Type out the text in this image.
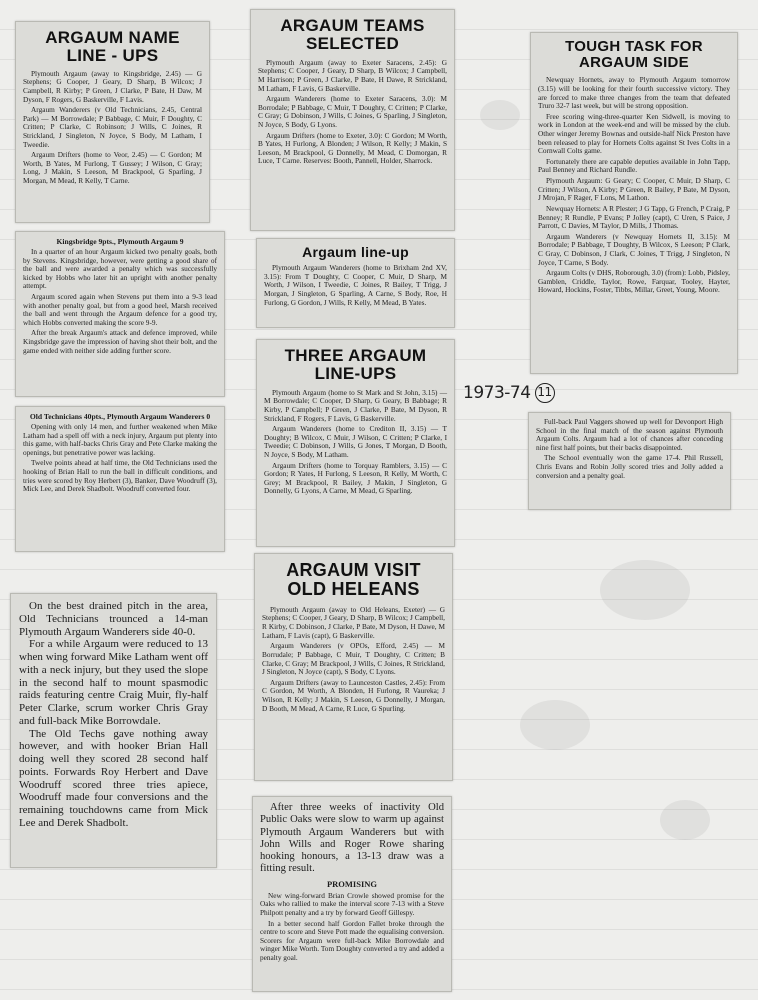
ARGAUM NAME LINE - UPS

Plymouth Argaum (away to Kingsbridge, 2.45) — G Stephens; G Cooper, J Geary, D Sharp, B Wilcox; J Campbell, R Kirby; P Green, J Clarke, P Bate, H Daw, M Dyson, F Rogers, G Baskerville, F Lavis.

Argaum Wanderers (v Old Technicians, 2.45, Central Park) — M Borrowdale; P Babbage, C Muir, F Doughty, C Critten; P Clarke, C Robinson; J Wills, C Joines, R Strickland, J Singleton, N Joyce, S Body, M Latham, I Tweedie.

Argaum Drifters (home to Veor, 2.45) — C Gordon; M Worth, B Yates, M Furlong, T Gussey; J Wilson, C Gray; Long, J Makin, S Leeson, M Brackpool, G Sparling, J Morgan, M Mead, R Kelly, T Carne.

Kingsbridge 9pts., Plymouth Argaum 9

In a quarter of an hour Argaum kicked two penalty goals, both by Stevens. Kingsbridge, however, were getting a good share of the ball and were awarded a penalty which was successfully kicked by Hobbs who later hit an upright with another penalty attempt.

Argaum scored again when Stevens put them into a 9-3 lead with another penalty goal, but from a good heel, Marsh received the ball and went through the Argaum defence for a good try, which Hobbs converted making the score 9-9.

After the break Argaum's attack and defence improved, while Kingsbridge gave the impression of having shot their bolt, and the game ended with neither side adding further score.

Old Technicians 40pts., Plymouth Argaum Wanderers 0

Opening with only 14 men, and further weakened when Mike Latham had a spell off with a neck injury, Argaum put plenty into this game, with half-backs Chris Gray and Pete Clarke making the openings, but penetrative power was lacking.

Twelve points ahead at half time, the Old Technicians used the hooking of Brian Hall to run the ball in difficult conditions, and tries were scored by Roy Herbert (3), Banker, Dave Woodruff (3), Mick Lee, and Derek Shadbolt. Woodruff converted four.

On the best drained pitch in the area, Old Technicians trounced a 14-man Plymouth Argaum Wanderers side 40-0.

For a while Argaum were reduced to 13 when wing forward Mike Latham went off with a neck injury, but they used the slope in the second half to mount spasmodic raids featuring centre Craig Muir, fly-half Peter Clarke, scrum worker Chris Gray and full-back Mike Borrowdale.

The Old Techs gave nothing away however, and with hooker Brian Hall doing well they scored 28 second half points. Forwards Roy Herbert and Dave Woodruff scored three tries apiece, Woodruff made four conversions and the remaining touchdowns came from Mick Lee and Derek Shadbolt.

ARGAUM TEAMS SELECTED

Plymouth Argaum (away to Exeter Saracens, 2.45): G Stephens; C Cooper, J Geary, D Sharp, B Wilcox; J Campbell, M Harrison; P Green, J Clarke, P Bate, H Dawe, R Strickland, M Latham, F Lavis, G Baskerville.

Argaum Wanderers (home to Exeter Saracens, 3.0): M Borrodale; P Babbage, C Muir, T Doughty, C Critten; P Clarke, C Gray; G Dobinson, J Wills, C Joines, G Sparling, J Singleton, N Joyce, S Body, G Lyons.

Argaum Drifters (home to Exeter, 3.0): C Gordon; M Worth, B Yates, H Furlong, A Blonden; J Wilson, R Kelly; J Makin, S Leeson, M Brackpool, G Donnelly, M Mead, C Domorgan, R Luce, T Carne. Reserves: Booth, Pannell, Holder, Sharrock.

Argaum line-up

Plymouth Argaum Wanderers (home to Brixham 2nd XV, 3.15): From T Doughty, C Cooper, C Muir, D Sharp, M Worth, J Wilson, I Tweedie, C Joines, R Bailey, T Trigg, J Morgan, J Singleton, G Sparling, A Carne, S Body, Roe, H Furlong, G Gordon, J Wills, R Kelly, M Mead, B Yates.

THREE ARGAUM LINE-UPS

Plymouth Argaum (home to St Mark and St John, 3.15) — M Borrowdale; C Cooper, D Sharp, G Geary, B Babbage; R Kirby, P Campbell; P Green, J Clarke, P Bate, M Dyson, R Strickland, F Rogers, F Lavis, G Baskerville.

Argaum Wanderers (home to Crediton II, 3.15) — T Doughty; B Wilcox, C Muir, J Wilson, C Critten; P Clarke, I Tweedie; C Dobinson, J Wills, G Jones, T Morgan, D Booth, N Joyce, S Body, M Latham.

Argaum Drifters (home to Torquay Ramblers, 3.15) — C Gordon; R Yates, H Furlong, S Leeson, R Kelly, M Worth, C Grey; M Brackpool, R Bailey, J Makin, J Singleton, G Donnelly, G Lyons, A Carne, M Mead, G Sparling.

ARGAUM VISIT OLD HELEANS

Plymouth Argaum (away to Old Heleans, Exeter) — G Stephens; C Cooper, J Geary, D Sharp, B Wilcox; J Campbell, R Kirby, C Dobinson, J Clarke, P Bate, M Dyson, H Dawe, M Latham, F Lavis (capt), G Baskerville.

Argaum Wanderers (v OPOs, Efford, 2.45) — M Borrudale; P Babbage, C Muir, T Doughty, C Critten; B Clarke, C Gray; M Brackpool, J Wills, C Joines, R Strickland, J Singleton, N Joyce (capt), S Body, C Lyons.

Argaum Drifters (away to Launceston Castles, 2.45): From C Gordon, M Worth, A Blonden, H Furlong, R Vaureka; J Wilson, R Kelly; J Makin, S Leeson, G Donnelly, J Morgan, D Booth, M Mead, A Carne, R Luce, G Spurling.

After three weeks of inactivity Old Public Oaks were slow to warm up against Plymouth Argaum Wanderers but with John Wills and Roger Rowe sharing hooking honours, a 13-13 draw was a fitting result.

PROMISING

New wing-forward Brian Crowle showed promise for the Oaks who rallied to make the interval score 7-13 with a Steve Philpott penalty and a try by forward Geoff Gillespy.

In a better second half Gordon Fallet broke through the centre to score and Steve Pott made the equalising conversion. Scorers for Argaum were full-back Mike Borrowdale and winger Mike Worth. Tom Doughty converted a try and added a penalty goal.

TOUGH TASK FOR ARGAUM SIDE

Newquay Hornets, away to Plymouth Argaum tomorrow (3.15) will be looking for their fourth successive victory. They are forced to make three changes from the team that defeated Truro 32-7 last week, but will be strong opposition.

Free scoring wing-three-quarter Ken Sidwell, is moving to work in London at the week-end and will be missed by the club. Other winger Jeremy Bownas and outside-half Nick Preston have been released to play for Hornets Colts against St Ives Colts in a Cornwall Colts game.

Fortunately there are capable deputies available in John Tapp, Paul Benney and Richard Rundle.

Plymouth Argaum: G Geary; C Cooper, C Muir, D Sharp, C Critten; J Wilson, A Kirby; P Green, R Bailey, P Bate, M Dyson, J Mrojan, F Rager, F Lons, M Lathon.

Newquay Hornets: A R Plester; J G Tapp, G French, P Craig, P Benney; R Rundle, P Evans; P Jolley (capt), C Uren, S Paice, J Parrott, C Davies, M Taylor, D Mills, J Thomas.

Argaum Wanderers (v Newquay Hornets II, 3.15): M Borrodale; P Babbage, T Doughty, B Wilcox, S Leeson; P Clark, C Gray, C Dobinson, J Clark, C Joines, T Trigg, J Singleton, N Joyce, T Carne, S Body.

Argaum Colts (v DHS, Roborough, 3.0) (from): Lobb, Pidsley, Gamblen, Criddle, Taylor, Rowe, Farquar, Tooley, Hayter, Howard, Hockins, Foster, Tibbs, Millar, Greet, Young, Moore.

1973-74 11

Full-back Paul Vaggers showed up well for Devonport High School in the final match of the season against Plymouth Argaum Colts. Argaum had a lot of chances after conceding nine first half points, but their backs disappointed.

The School eventually won the game 17-4. Phil Russell, Chris Evans and Robin Jolly scored tries and Jolly added a conversion and a penalty goal.
